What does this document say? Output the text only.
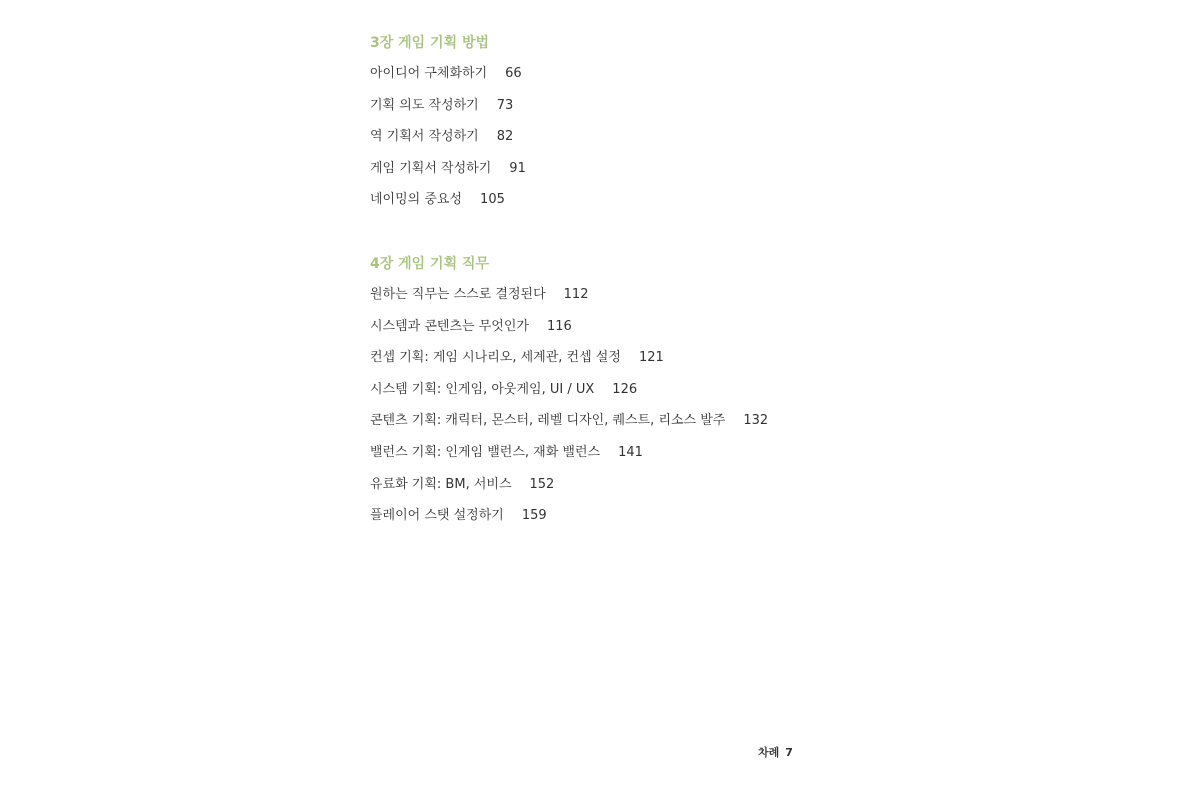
3장 게임 기획 방법
아이디어 구체화하기 66
기획 의도 작성하기 73
역 기획서 작성하기 82
게임 기획서 작성하기 91
네이밍의 중요성 105
4장 게임 기획 직무
원하는 직무는 스스로 결정된다 112
시스템과 콘텐츠는 무엇인가 116
컨셉 기획: 게임 시나리오, 세계관, 컨셉 설정 121
시스템 기획: 인게임, 아웃게임, UI / UX 126
콘텐츠 기획: 캐릭터, 몬스터, 레벨 디자인, 퀘스트, 리소스 발주 132
밸런스 기획: 인게임 밸런스, 재화 밸런스 141
유료화 기획: BM, 서비스 152
플레이어 스탯 설정하기 159
차례 7
